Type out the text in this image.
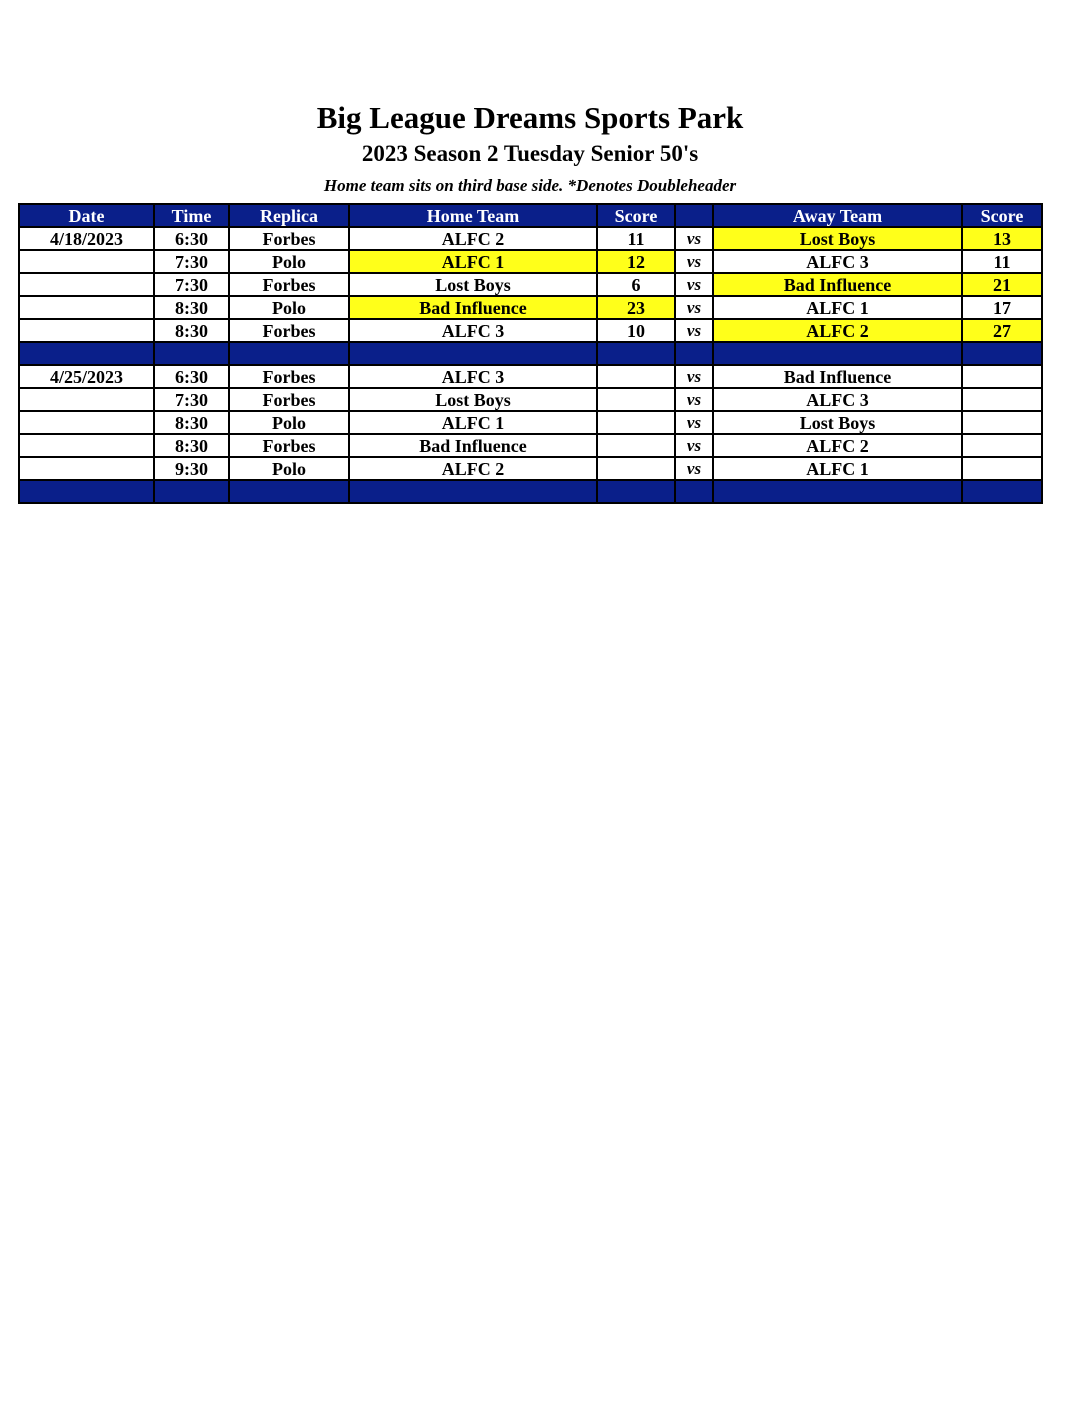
Big League Dreams Sports Park
2023 Season 2 Tuesday Senior 50's
Home team sits on third base side. *Denotes Doubleheader
Date	Time	Replica	Home Team	Score		Away Team	Score
4/18/2023	6:30	Forbes	ALFC 2	11	vs	Lost Boys	13
	7:30	Polo	ALFC 1	12	vs	ALFC 3	11
	7:30	Forbes	Lost Boys	6	vs	Bad Influence	21
	8:30	Polo	Bad Influence	23	vs	ALFC 1	17
	8:30	Forbes	ALFC 3	10	vs	ALFC 2	27

4/25/2023	6:30	Forbes	ALFC 3		vs	Bad Influence	
	7:30	Forbes	Lost Boys		vs	ALFC 3	
	8:30	Polo	ALFC 1		vs	Lost Boys	
	8:30	Forbes	Bad Influence		vs	ALFC 2	
	9:30	Polo	ALFC 2		vs	ALFC 1	
